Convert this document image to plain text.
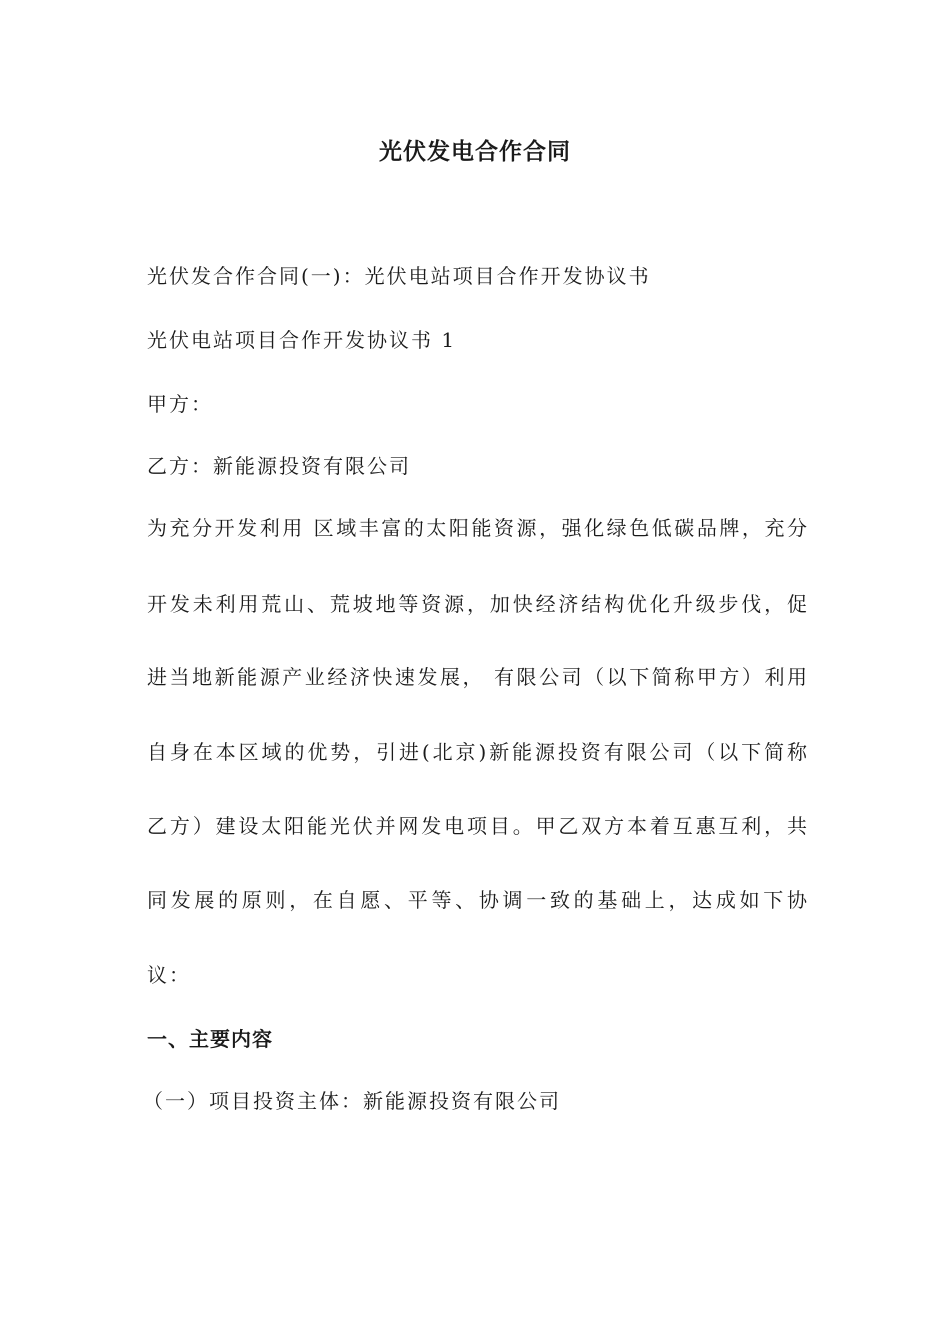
光伏发电合作合同
光伏发合作合同(一)：光伏电站项目合作开发协议书
光伏电站项目合作开发协议书 1
甲方：
乙方：新能源投资有限公司
为充分开发利用 区域丰富的太阳能资源，强化绿色低碳品牌，充分
开发未利用荒山、荒坡地等资源，加快经济结构优化升级步伐，促
进当地新能源产业经济快速发展， 有限公司（以下简称甲方）利用
自身在本区域的优势，引进(北京)新能源投资有限公司（以下简称
乙方）建设太阳能光伏并网发电项目。甲乙双方本着互惠互利，共
同发展的原则，在自愿、平等、协调一致的基础上，达成如下协
议：
一、主要内容
（一）项目投资主体：新能源投资有限公司
